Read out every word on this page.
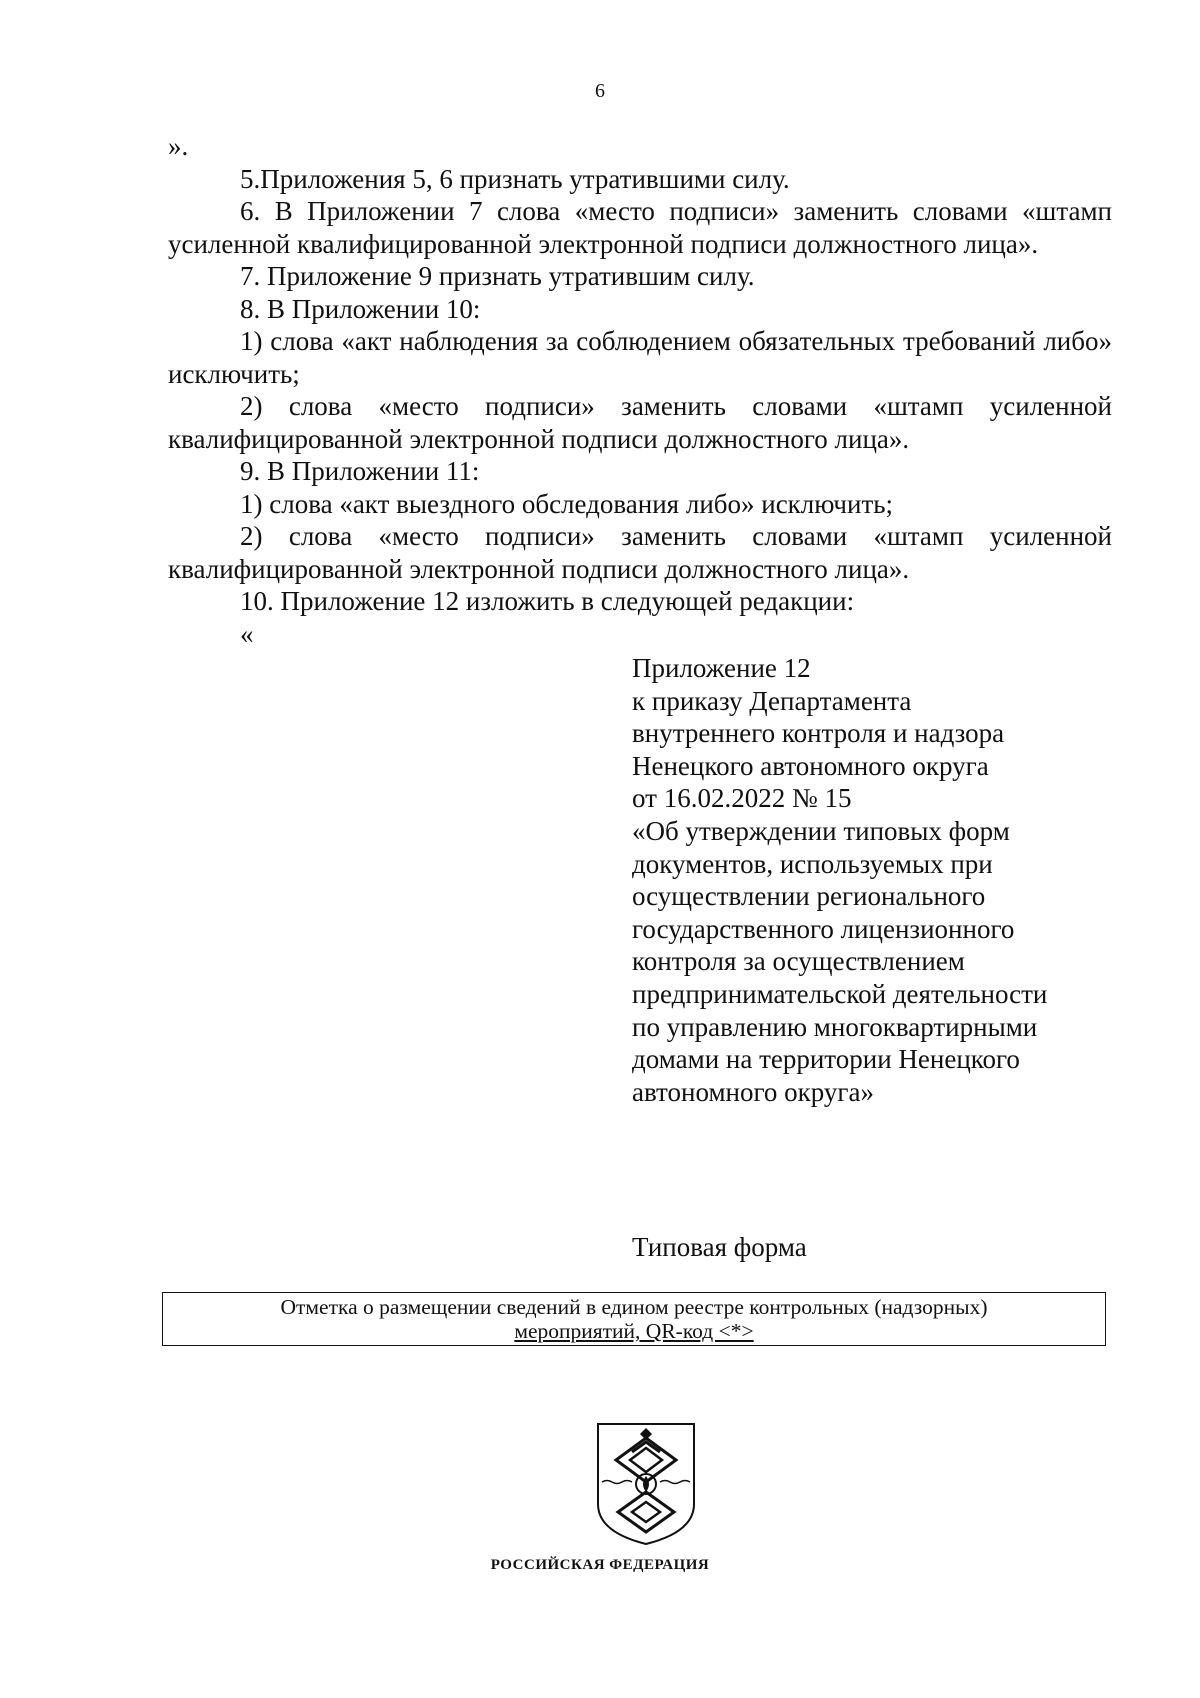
6

».

5.Приложения 5, 6 признать утратившими силу.

6. В Приложении 7 слова «место подписи» заменить словами «штамп усиленной квалифицированной электронной подписи должностного лица».

7. Приложение 9 признать утратившим силу.

8. В Приложении 10:

1) слова «акт наблюдения за соблюдением обязательных требований либо» исключить;

2) слова «место подписи» заменить словами «штамп усиленной квалифицированной электронной подписи должностного лица».

9. В Приложении 11:

1) слова «акт выездного обследования либо» исключить;

2) слова «место подписи» заменить словами «штамп усиленной квалифицированной электронной подписи должностного лица».

10. Приложение 12 изложить в следующей редакции:

«

Приложение 12
к приказу Департамента
внутреннего контроля и надзора
Ненецкого автономного округа
от 16.02.2022 № 15
«Об утверждении типовых форм
документов, используемых при
осуществлении регионального
государственного лицензионного
контроля за осуществлением
предпринимательской деятельности
по управлению многоквартирными
домами на территории Ненецкого
автономного округа»
Типовая форма
Отметка о размещении сведений в едином реестре контрольных (надзорных)
мероприятий, QR-код <*>
РОССИЙСКАЯ ФЕДЕРАЦИЯ
